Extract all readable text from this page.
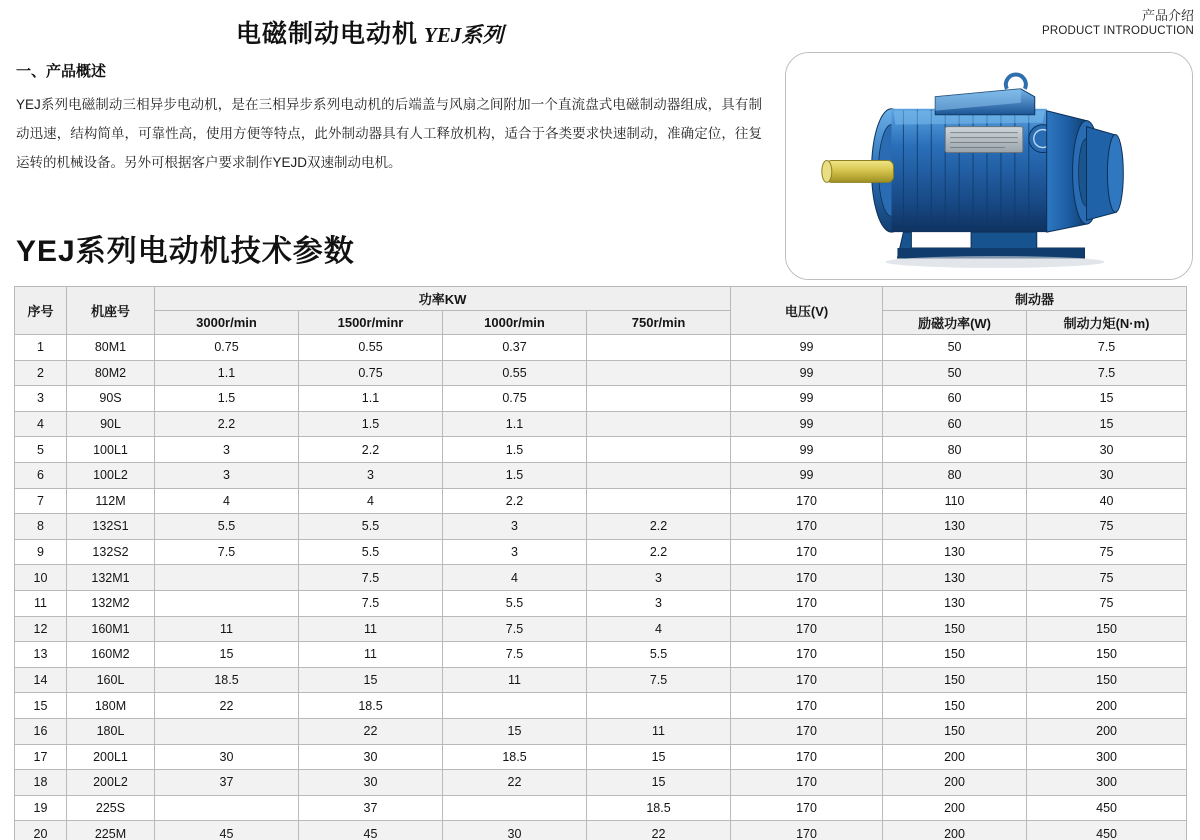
电磁制动电动机 YEJ系列
产品介绍
PRODUCT INTRODUCTION
一、产品概述
YEJ系列电磁制动三相异步电动机，是在三相异步系列电动机的后端盖与风扇之间附加一个直流盘式电磁制动器组成，具有制动迅速，结构简单，可靠性高，使用方便等特点，此外制动器具有人工释放机构，适合于各类要求快速制动，准确定位，往复运转的机械设备。另外可根据客户要求制作YEJD双速制动电机。
YEJ系列电动机技术参数
序号	机座号	功率KW				电压(V)	制动器	
		3000r/min	1500r/minr	1000r/min	750r/min		励磁功率(W)	制动力矩(N·m)
1	80M1	0.75	0.55	0.37		99	50	7.5
2	80M2	1.1	0.75	0.55		99	50	7.5
3	90S	1.5	1.1	0.75		99	60	15
4	90L	2.2	1.5	1.1		99	60	15
5	100L1	3	2.2	1.5		99	80	30
6	100L2	3	3	1.5		99	80	30
7	112M	4	4	2.2		170	110	40
8	132S1	5.5	5.5	3	2.2	170	130	75
9	132S2	7.5	5.5	3	2.2	170	130	75
10	132M1		7.5	4	3	170	130	75
11	132M2		7.5	5.5	3	170	130	75
12	160M1	11	11	7.5	4	170	150	150
13	160M2	15	11	7.5	5.5	170	150	150
14	160L	18.5	15	11	7.5	170	150	150
15	180M	22	18.5			170	150	200
16	180L		22	15	11	170	150	200
17	200L1	30	30	18.5	15	170	200	300
18	200L2	37	30	22	15	170	200	300
19	225S		37		18.5	170	200	450
20	225M	45	45	30	22	170	200	450
